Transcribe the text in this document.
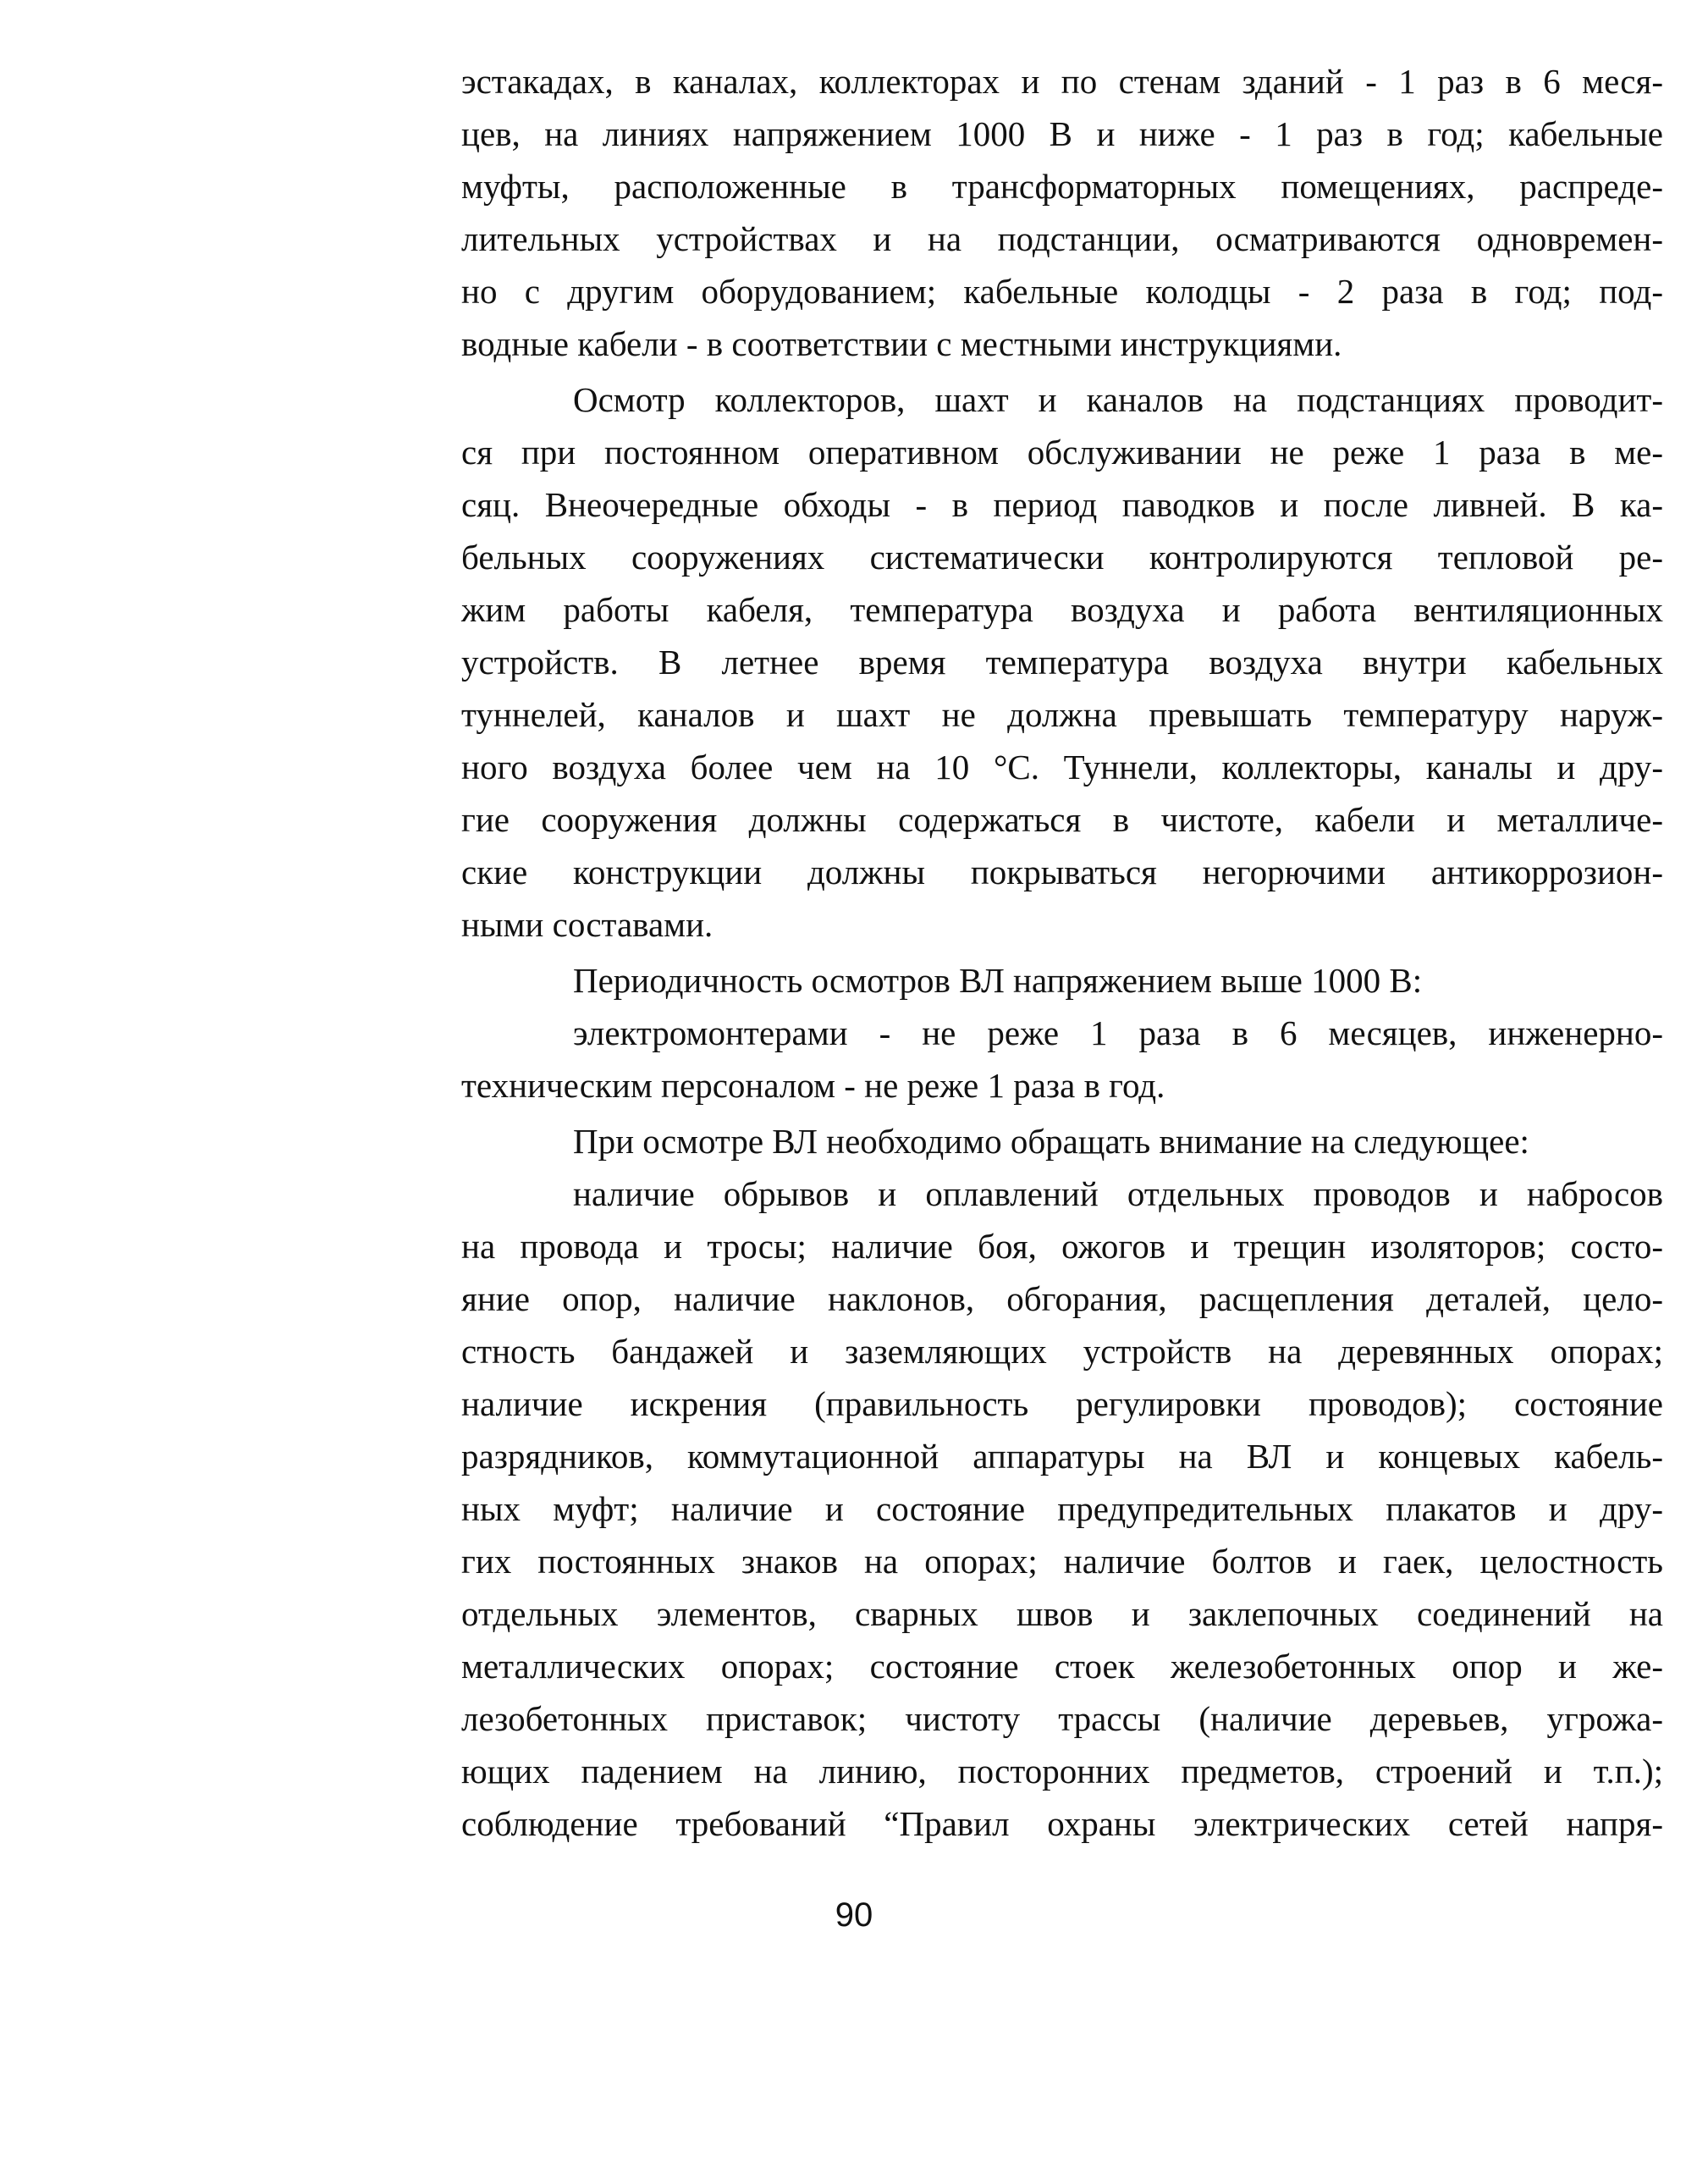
эстакадах, в каналах, коллекторах и по стенам зданий - 1 раз в 6 меся-
цев, на линиях напряжением 1000 В и ниже - 1 раз в год; кабельные
муфты, расположенные в трансформаторных помещениях, распреде-
лительных устройствах и на подстанции, осматриваются одновремен-
но с другим оборудованием; кабельные колодцы - 2 раза в год; под-
водные кабели - в соответствии с местными инструкциями.
Осмотр коллекторов, шахт и каналов на подстанциях проводит-
ся при постоянном оперативном обслуживании не реже 1 раза в ме-
сяц. Внеочередные обходы - в период паводков и после ливней. В ка-
бельных сооружениях систематически контролируются тепловой ре-
жим работы кабеля, температура воздуха и работа вентиляционных
устройств. В летнее время температура воздуха внутри кабельных
туннелей, каналов и шахт не должна превышать температуру наруж-
ного воздуха более чем на 10 °С. Туннели, коллекторы, каналы и дру-
гие сооружения должны содержаться в чистоте, кабели и металличе-
ские конструкции должны покрываться негорючими антикоррозион-
ными составами.
Периодичность осмотров ВЛ напряжением выше 1000 В:
электромонтерами - не реже 1 раза в 6 месяцев, инженерно-
техническим персоналом - не реже 1 раза в год.
При осмотре ВЛ необходимо обращать внимание на следующее:
наличие обрывов и оплавлений отдельных проводов и набросов
на провода и тросы; наличие боя, ожогов и трещин изоляторов; состо-
яние опор, наличие наклонов, обгорания, расщепления деталей, цело-
стность бандажей и заземляющих устройств на деревянных опорах;
наличие искрения (правильность регулировки проводов); состояние
разрядников, коммутационной аппаратуры на ВЛ и концевых кабель-
ных муфт; наличие и состояние предупредительных плакатов и дру-
гих постоянных знаков на опорах; наличие болтов и гаек, целостность
отдельных элементов, сварных швов и заклепочных соединений на
металлических опорах; состояние стоек железобетонных опор и же-
лезобетонных приставок; чистоту трассы (наличие деревьев, угрожа-
ющих падением на линию, посторонних предметов, строений и т.п.);
соблюдение требований “Правил охраны электрических сетей напря-
90
